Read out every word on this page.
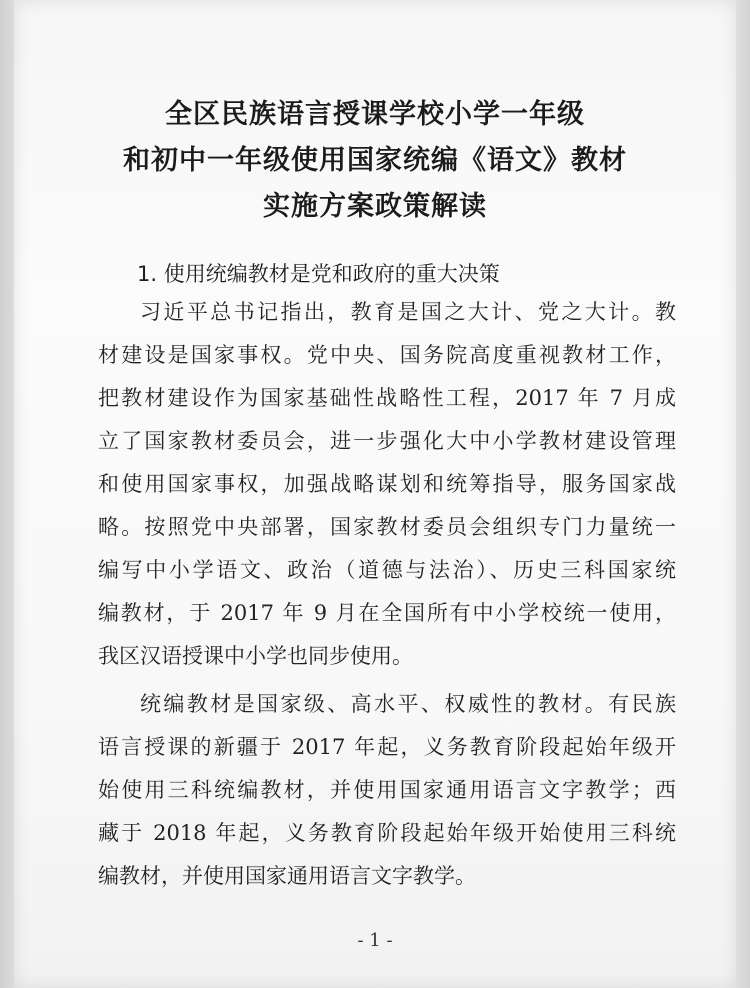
全区民族语言授课学校小学一年级
和初中一年级使用国家统编《语文》教材
实施方案政策解读
1. 使用统编教材是党和政府的重大决策
习近平总书记指出，教育是国之大计、党之大计。教
材建设是国家事权。党中央、国务院高度重视教材工作，
把教材建设作为国家基础性战略性工程，2017 年 7 月成
立了国家教材委员会，进一步强化大中小学教材建设管理
和使用国家事权，加强战略谋划和统筹指导，服务国家战
略。按照党中央部署，国家教材委员会组织专门力量统一
编写中小学语文、政治（道德与法治）、历史三科国家统
编教材，于 2017 年 9 月在全国所有中小学校统一使用，
我区汉语授课中小学也同步使用。
统编教材是国家级、高水平、权威性的教材。有民族
语言授课的新疆于 2017 年起，义务教育阶段起始年级开
始使用三科统编教材，并使用国家通用语言文字教学；西
藏于 2018 年起，义务教育阶段起始年级开始使用三科统
编教材，并使用国家通用语言文字教学。
- 1 -
